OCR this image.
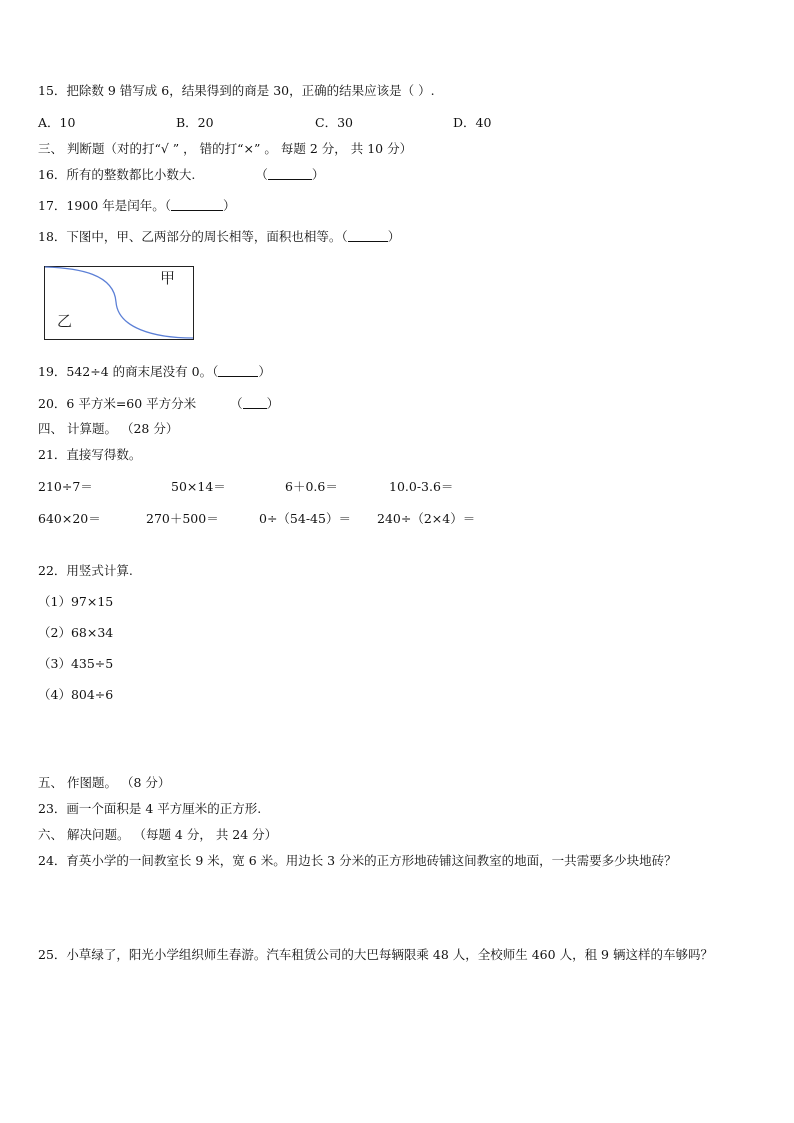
15．把除数 9 错写成 6，结果得到的商是 30，正确的结果应该是（ ）.
A．10	B．20	C．30	D．40
三、 判断题（对的打“√ ” ， 错的打“×” 。 每题 2 分， 共 10 分）
16．所有的整数都比小数大.	（	）
17．1900 年是闰年。（	）
18．下图中，甲、乙两部分的周长相等，面积也相等。（	）
甲
乙
19．542÷4 的商末尾没有 0。（	）
20．6 平方米=60 平方分米	（ ）
四、 计算题。 （28 分）
21．直接写得数。
210÷7＝	50×14＝	6＋0.6＝	10.0-3.6＝
640×20＝	270＋500＝	0÷（54-45）＝ 240÷（2×4）＝
22．用竖式计算.
（1）97×15
（2）68×34
（3）435÷5
（4）804÷6
五、 作图题。 （8 分）
23．画一个面积是 4 平方厘米的正方形.
六、 解决问题。 （每题 4 分， 共 24 分）
24．育英小学的一间教室长 9 米，宽 6 米。用边长 3 分米的正方形地砖铺这间教室的地面，一共需要多少块地砖？
25．小草绿了，阳光小学组织师生春游。汽车租赁公司的大巴每辆限乘 48 人，全校师生 460 人，租 9 辆这样的车够吗？
